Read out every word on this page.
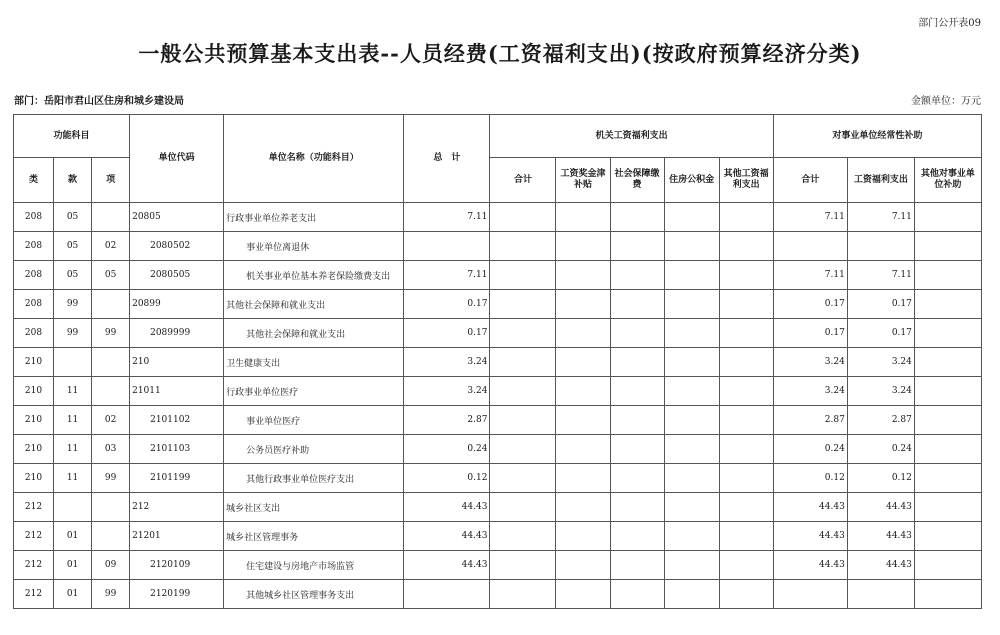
部门公开表09
一般公共预算基本支出表--人员经费(工资福利支出)(按政府预算经济分类)
部门：岳阳市君山区住房和城乡建设局	金额单位：万元
功能科目			单位代码	单位名称（功能科目）	总　计	机关工资福利支出					对事业单位经常性补助		
类	款	项				合计	工资奖金津补贴	社会保障缴费	住房公积金	其他工资福利支出	合计	工资福利支出	其他对事业单位补助
208	05		20805	行政事业单位养老支出	7.11						7.11	7.11	
208	05	02	2080502	事业单位离退休									
208	05	05	2080505	机关事业单位基本养老保险缴费支出	7.11						7.11	7.11	
208	99		20899	其他社会保障和就业支出	0.17						0.17	0.17	
208	99	99	2089999	其他社会保障和就业支出	0.17						0.17	0.17	
210			210	卫生健康支出	3.24						3.24	3.24	
210	11		21011	行政事业单位医疗	3.24						3.24	3.24	
210	11	02	2101102	事业单位医疗	2.87						2.87	2.87	
210	11	03	2101103	公务员医疗补助	0.24						0.24	0.24	
210	11	99	2101199	其他行政事业单位医疗支出	0.12						0.12	0.12	
212			212	城乡社区支出	44.43						44.43	44.43	
212	01		21201	城乡社区管理事务	44.43						44.43	44.43	
212	01	09	2120109	住宅建设与房地产市场监管	44.43						44.43	44.43	
212	01	99	2120199	其他城乡社区管理事务支出									
